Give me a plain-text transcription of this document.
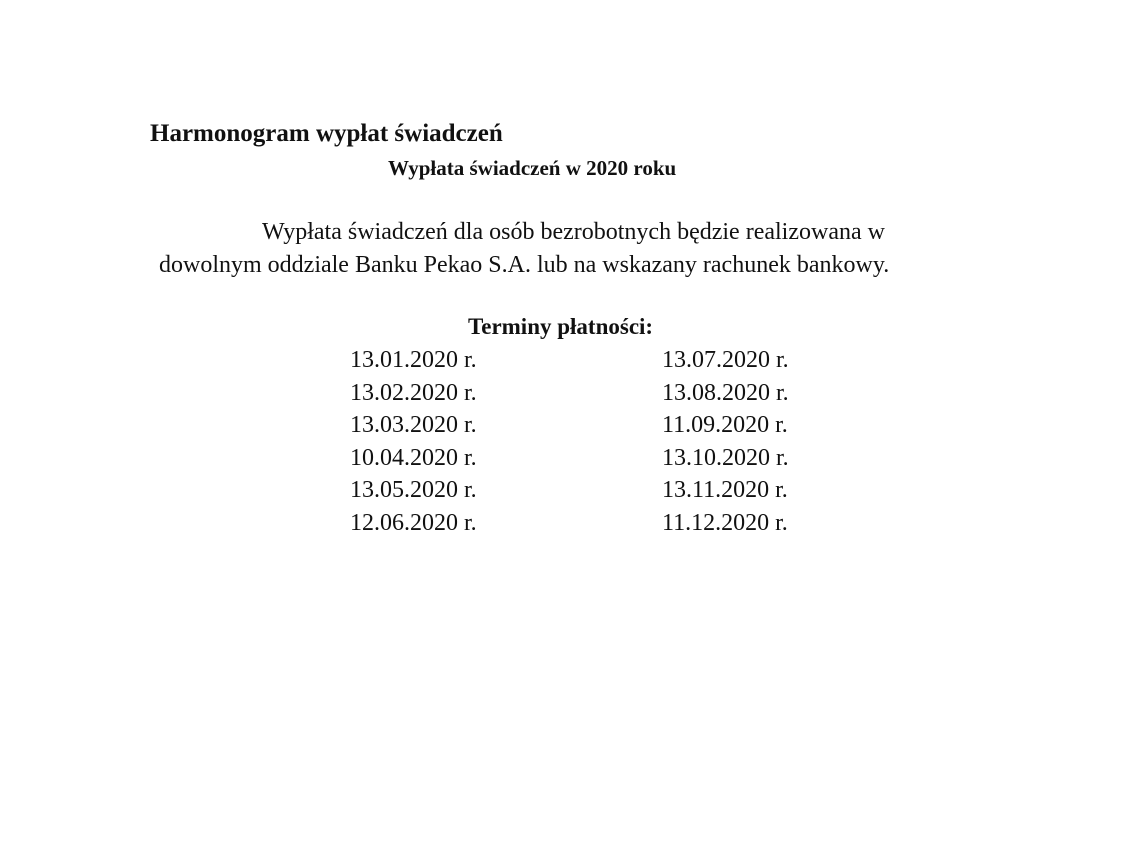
Harmonogram wypłat świadczeń
Wypłata świadczeń w 2020 roku
Wypłata świadczeń dla osób bezrobotnych będzie realizowana w
dowolnym oddziale Banku Pekao S.A. lub na wskazany rachunek bankowy.
Terminy płatności:
13.01.2020 r.
13.02.2020 r.
13.03.2020 r.
10.04.2020 r.
13.05.2020 r.
12.06.2020 r.
13.07.2020 r.
13.08.2020 r.
11.09.2020 r.
13.10.2020 r.
13.11.2020 r.
11.12.2020 r.
